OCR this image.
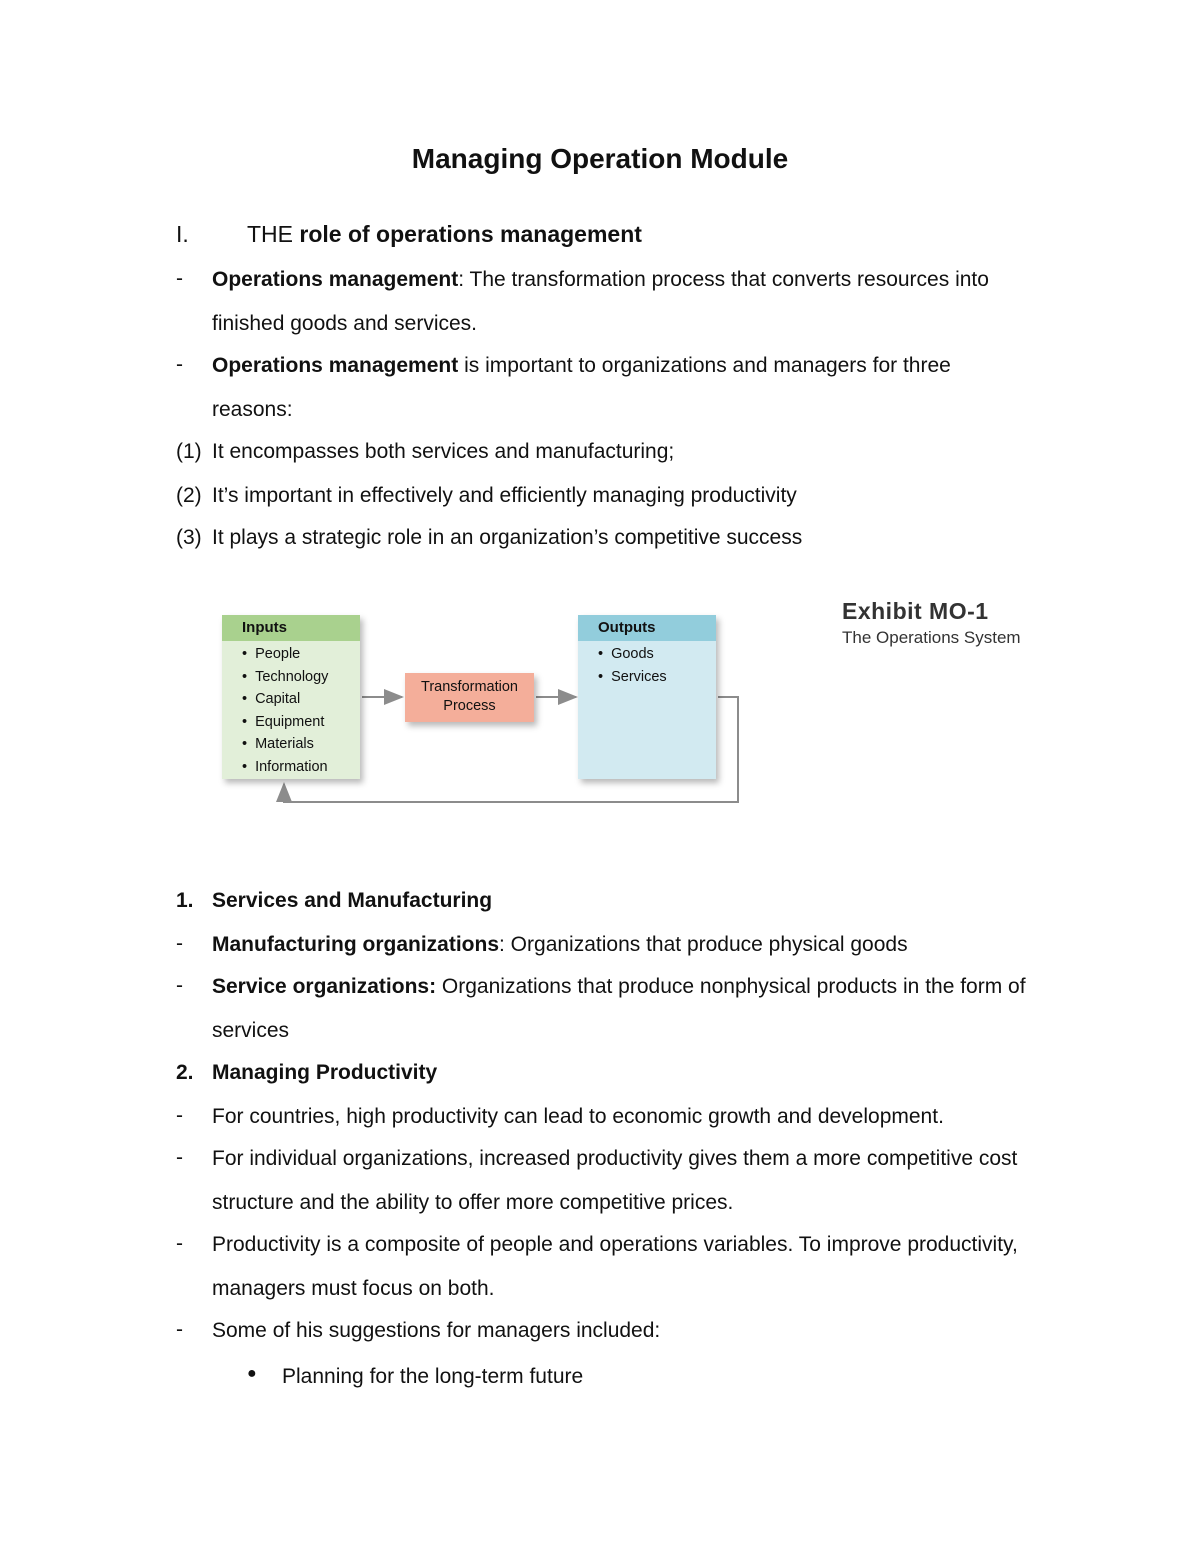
Managing Operation Module
I.	THE role of operations management
- Operations management: The transformation process that converts resources into
finished goods and services.
- Operations management is important to organizations and managers for three
reasons:
(1) It encompasses both services and manufacturing;
(2) It’s important in effectively and efficiently managing productivity
(3) It plays a strategic role in an organization’s competitive success
Inputs
• People
• Technology
• Capital
• Equipment
• Materials
• Information
Transformation
Process
Outputs
• Goods
• Services
Exhibit MO-1
The Operations System
1. Services and Manufacturing
- Manufacturing organizations: Organizations that produce physical goods
- Service organizations: Organizations that produce nonphysical products in the form of
services
2. Managing Productivity
- For countries, high productivity can lead to economic growth and development.
- For individual organizations, increased productivity gives them a more competitive cost
structure and the ability to offer more competitive prices.
- Productivity is a composite of people and operations variables. To improve productivity,
managers must focus on both.
- Some of his suggestions for managers included:
● Planning for the long-term future
